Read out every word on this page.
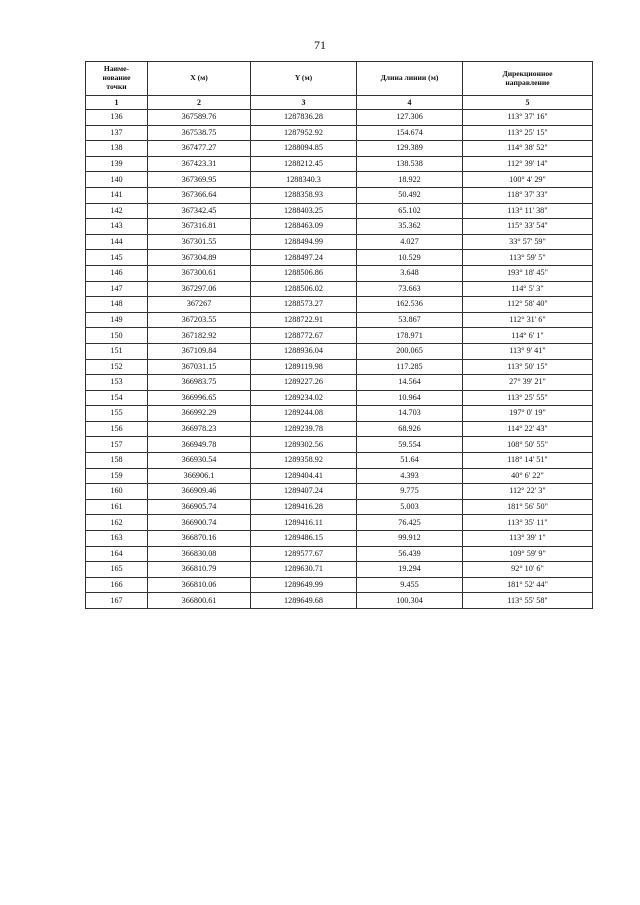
71
Наиме-
нование
точки	X (м)	Y (м)	Длина линии (м)	Дирекционное
направление
1	2	3	4	5
136	367589.76	1287836.28	127.306	113° 37' 16"
137	367538.75	1287952.92	154.674	113° 25' 15"
138	367477.27	1288094.85	129.389	114° 38' 52"
139	367423.31	1288212.45	138.538	112° 39' 14"
140	367369.95	1288340.3	18.922	100° 4' 29"
141	367366.64	1288358.93	50.492	118° 37' 33"
142	367342.45	1288403.25	65.102	113° 11' 38"
143	367316.81	1288463.09	35.362	115° 33' 54"
144	367301.55	1288494.99	4.027	33° 57' 59"
145	367304.89	1288497.24	10.529	113° 59' 5"
146	367300.61	1288506.86	3.648	193° 18' 45"
147	367297.06	1288506.02	73.663	114° 5' 3"
148	367267	1288573.27	162.536	112° 58' 40"
149	367203.55	1288722.91	53.867	112° 31' 6"
150	367182.92	1288772.67	178.971	114° 6' 1"
151	367109.84	1288936.04	200.065	113° 9' 41"
152	367031.15	1289119.98	117.285	113° 50' 15"
153	366983.75	1289227.26	14.564	27° 39' 21"
154	366996.65	1289234.02	10.964	113° 25' 55"
155	366992.29	1289244.08	14.703	197° 0' 19"
156	366978.23	1289239.78	68.926	114° 22' 43"
157	366949.78	1289302.56	59.554	108° 50' 55"
158	366930.54	1289358.92	51.64	118° 14' 51"
159	366906.1	1289404.41	4.393	40° 6' 22"
160	366909.46	1289407.24	9.775	112° 22' 3"
161	366905.74	1289416.28	5.003	181° 56' 50"
162	366900.74	1289416.11	76.425	113° 35' 11"
163	366870.16	1289486.15	99.912	113° 39' 1"
164	366830.08	1289577.67	56.439	109° 59' 9"
165	366810.79	1289630.71	19.294	92° 10' 6"
166	366810.06	1289649.99	9.455	181° 52' 44"
167	366800.61	1289649.68	100.304	113° 55' 58"
